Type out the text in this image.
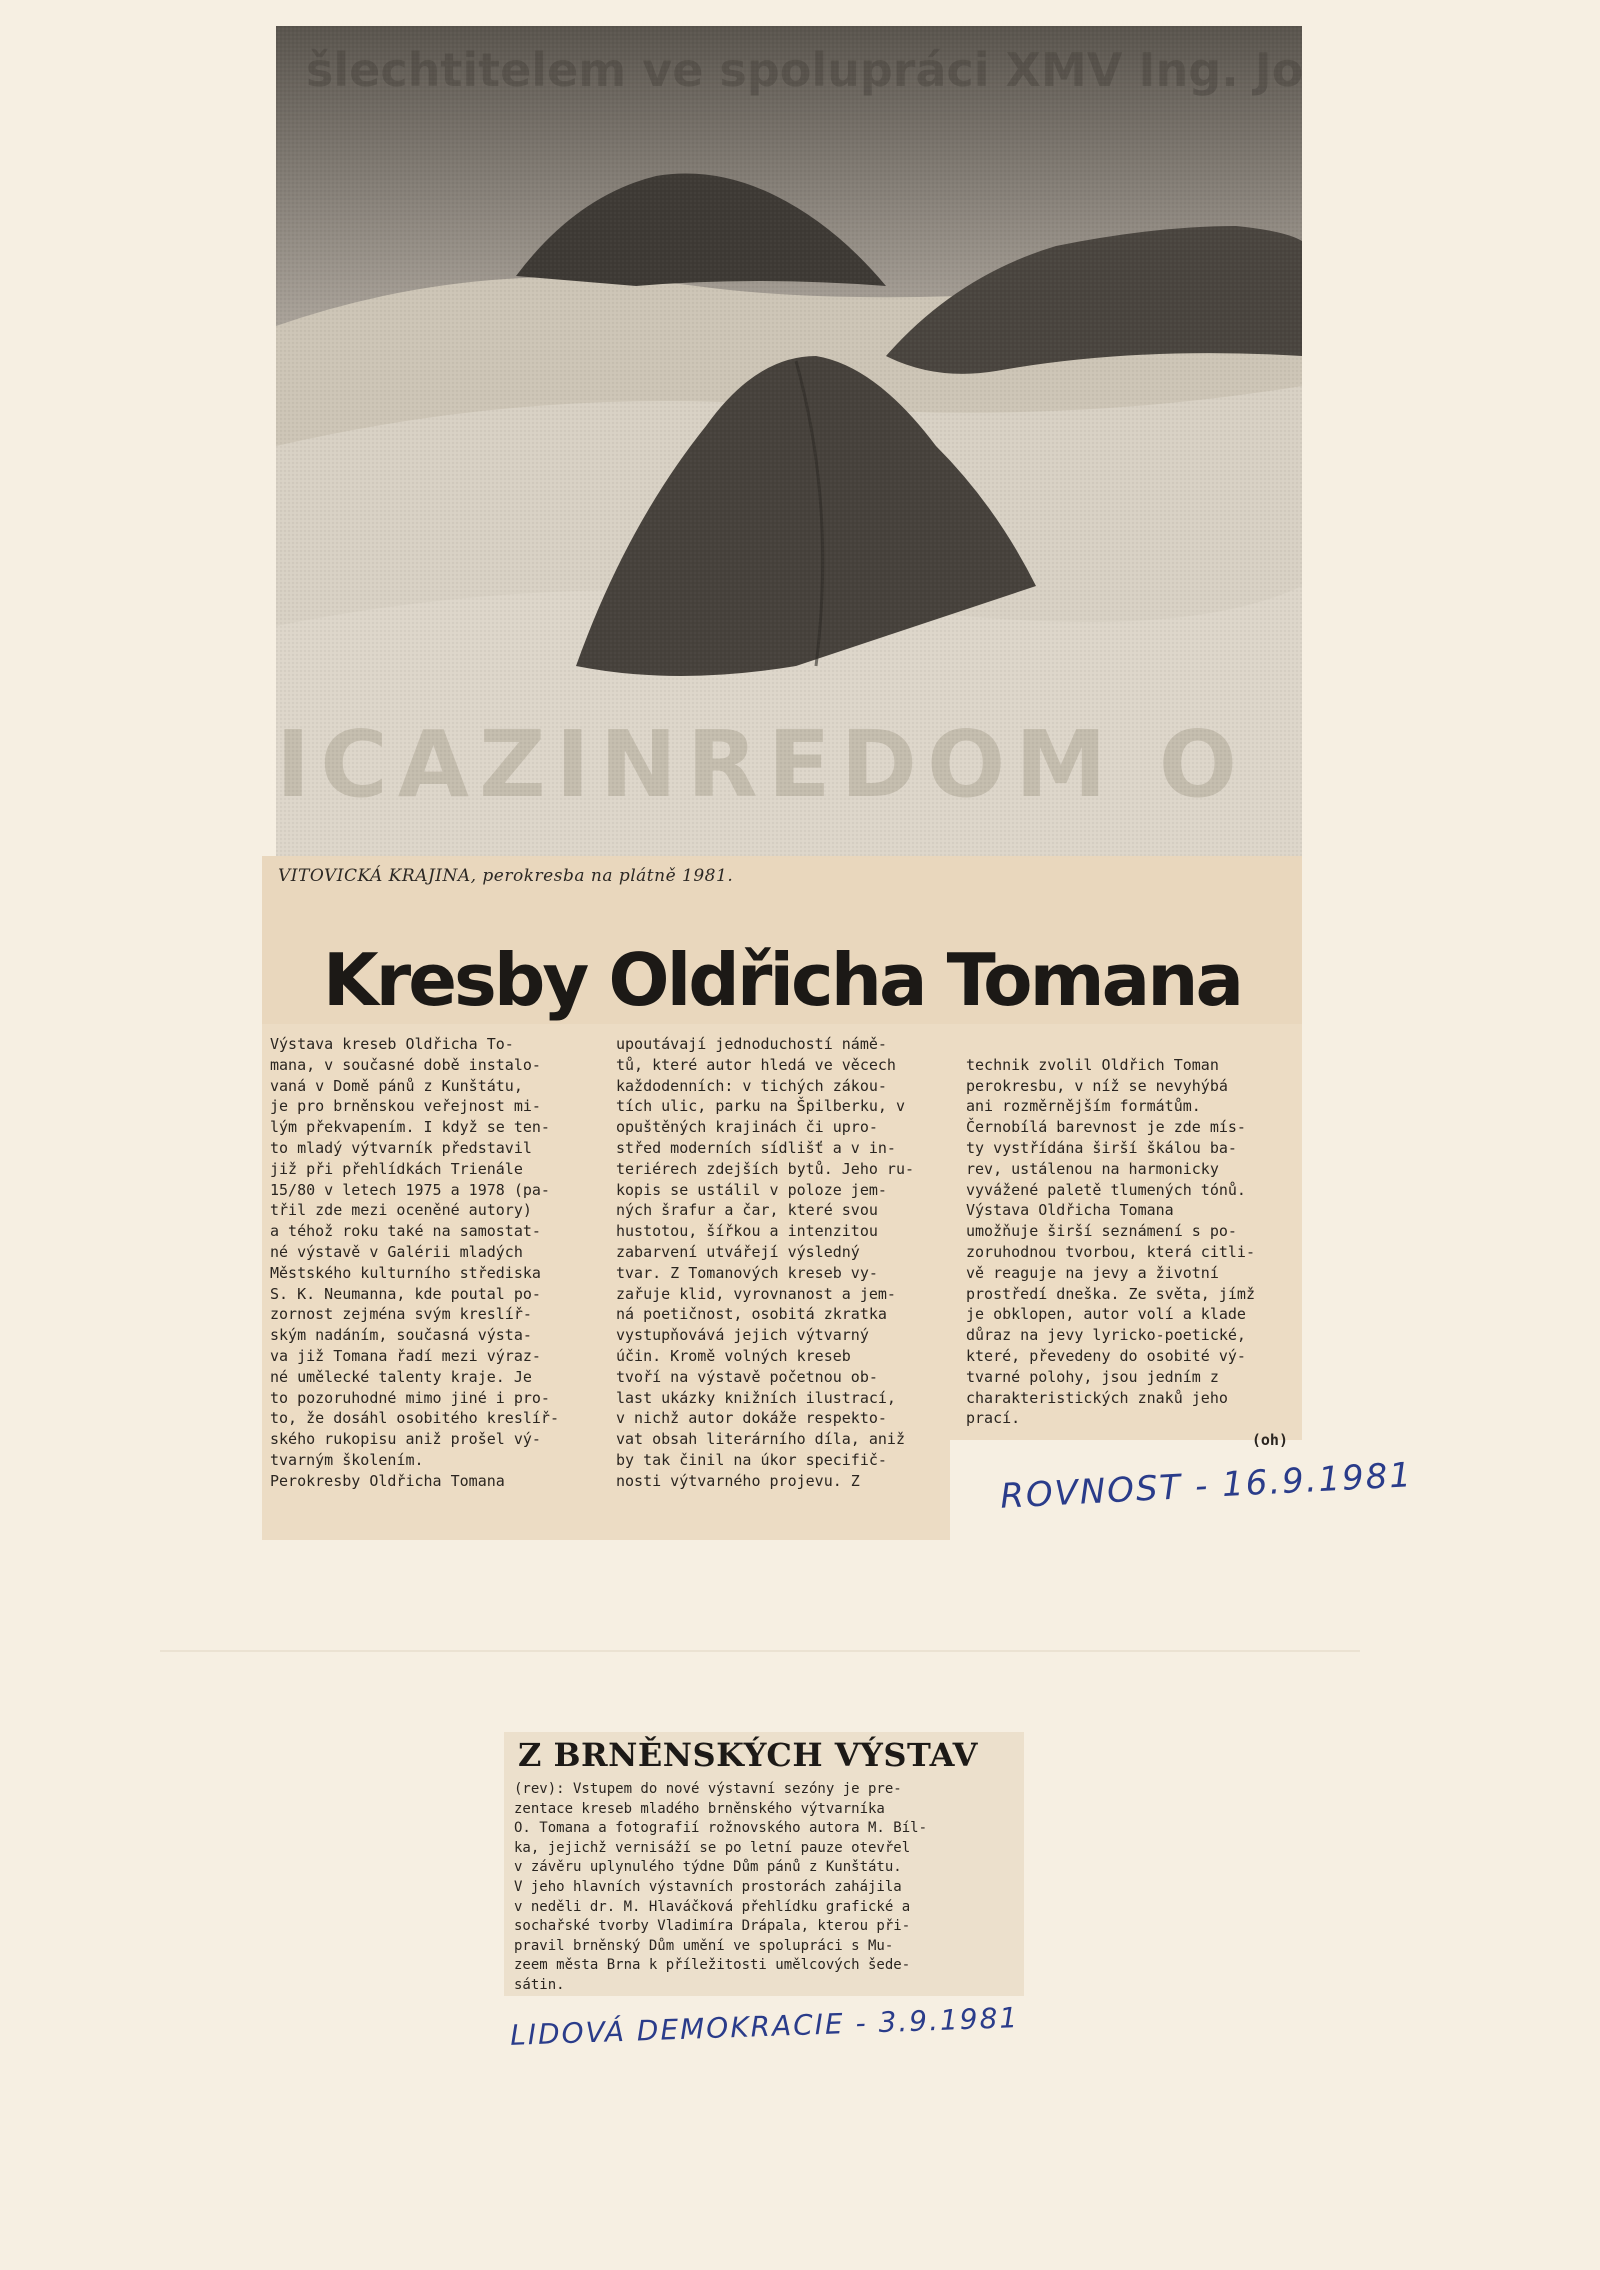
VITOVICKÁ KRAJINA, perokresba na plátně 1981.
Kresby Oldřicha Tomana
Výstava kreseb Oldřicha To-
mana, v současné době instalo-
vaná v Domě pánů z Kunštátu,
je pro brněnskou veřejnost mi-
lým překvapením. I když se ten-
to mladý výtvarník představil
již při přehlídkách Trienále
15/80 v letech 1975 a 1978 (pa-
třil zde mezi oceněné autory)
a téhož roku také na samostat-
né výstavě v Galérii mladých
Městského kulturního střediska
S. K. Neumanna, kde poutal po-
zornost zejména svým kreslíř-
ským nadáním, současná výsta-
va již Tomana řadí mezi výraz-
né umělecké talenty kraje. Je
to pozoruhodné mimo jiné i pro-
to, že dosáhl osobitého kreslíř-
ského rukopisu aniž prošel vý-
tvarným školením.
Perokresby Oldřicha Tomana
upoutávají jednoduchostí námě-
tů, které autor hledá ve věcech
každodenních: v tichých zákou-
tích ulic, parku na Špilberku, v
opuštěných krajinách či upro-
střed moderních sídlišť a v in-
teriérech zdejších bytů. Jeho ru-
kopis se ustálil v poloze jem-
ných šrafur a čar, které svou
hustotou, šířkou a intenzitou
zabarvení utvářejí výsledný
tvar. Z Tomanových kreseb vy-
zařuje klid, vyrovnanost a jem-
ná poetičnost, osobitá zkratka
vystupňovává jejich výtvarný
účin. Kromě volných kreseb
tvoří na výstavě početnou ob-
last ukázky knižních ilustrací,
v nichž autor dokáže respekto-
vat obsah literárního díla, aniž
by tak činil na úkor specifič-
nosti výtvarného projevu. Z

technik zvolil Oldřich Toman
perokresbu, v níž se nevyhýbá
ani rozměrnějším formátům.
Černobílá barevnost je zde mís-
ty vystřídána širší škálou ba-
rev, ustálenou na harmonicky
vyvážené paletě tlumených tónů.
Výstava Oldřicha Tomana
umožňuje širší seznámení s po-
zoruhodnou tvorbou, která citli-
vě reaguje na jevy a životní
prostředí dneška. Ze světa, jímž
je obklopen, autor volí a klade
důraz na jevy lyricko-poetické,
které, převedeny do osobité vý-
tvarné polohy, jsou jedním z
charakteristických znaků jeho
prací.

(oh)
ROVNOST - 16.9.1981
Z BRNĚNSKÝCH VÝSTAV
(rev): Vstupem do nové výstavní sezóny je pre-
zentace kreseb mladého brněnského výtvarníka
O. Tomana a fotografií rožnovského autora M. Bíl-
ka, jejichž vernisáží se po letní pauze otevřel
v závěru uplynulého týdne Dům pánů z Kunštátu.
V jeho hlavních výstavních prostorách zahájila
v neděli dr. M. Hlaváčková přehlídku grafické a
sochařské tvorby Vladimíra Drápala, kterou při-
pravil brněnský Dům umění ve spolupráci s Mu-
zeem města Brna k příležitosti umělcových šede-
sátin.
LIDOVÁ DEMOKRACIE - 3.9.1981
